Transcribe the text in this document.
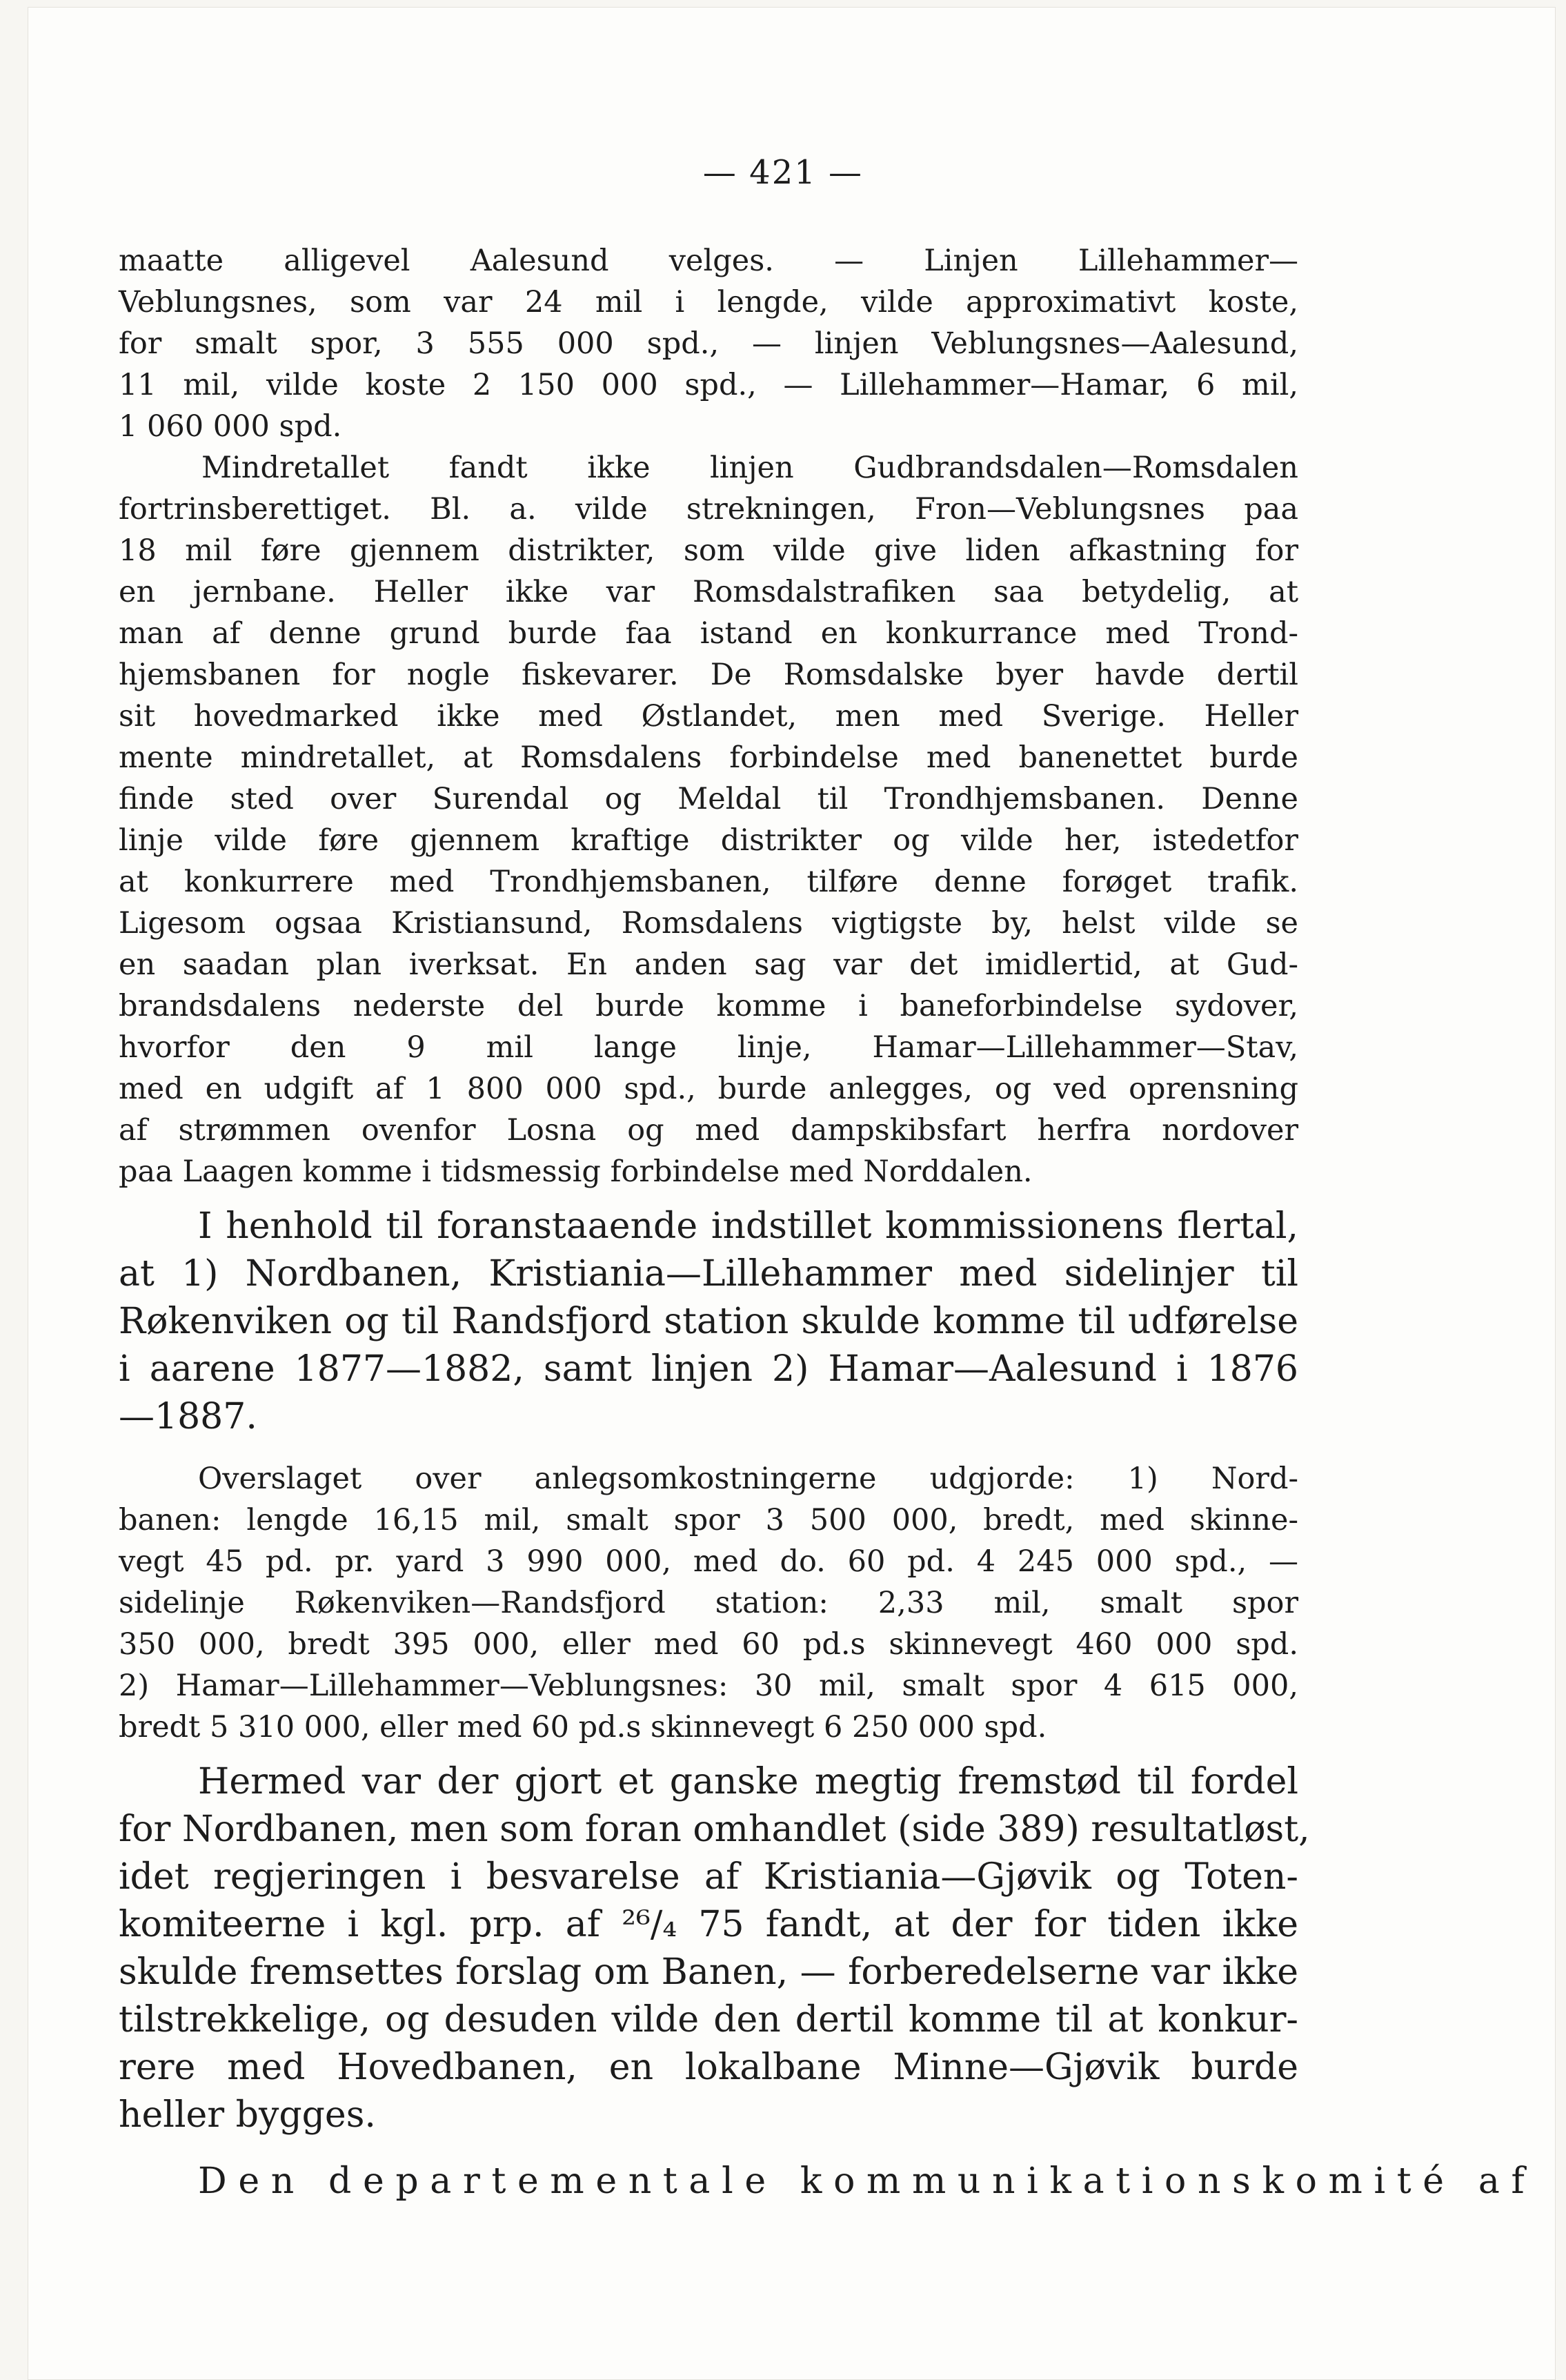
— 421 —
maatte alligevel Aalesund velges. — Linjen Lillehammer—
Veblungsnes, som var 24 mil i lengde, vilde approximativt koste,
for smalt spor, 3 555 000 spd., — linjen Veblungsnes—Aalesund,
11 mil, vilde koste 2 150 000 spd., — Lillehammer—Hamar, 6 mil,
1 060 000 spd.
Mindretallet fandt ikke linjen Gudbrandsdalen—Romsdalen
fortrinsberettiget. Bl. a. vilde strekningen, Fron—Veblungsnes paa
18 mil føre gjennem distrikter, som vilde give liden afkastning for
en jernbane. Heller ikke var Romsdalstrafiken saa betydelig, at
man af denne grund burde faa istand en konkurrance med Trond-
hjemsbanen for nogle fiskevarer. De Romsdalske byer havde dertil
sit hovedmarked ikke med Østlandet, men med Sverige. Heller
mente mindretallet, at Romsdalens forbindelse med banenettet burde
finde sted over Surendal og Meldal til Trondhjemsbanen. Denne
linje vilde føre gjennem kraftige distrikter og vilde her, istedetfor
at konkurrere med Trondhjemsbanen, tilføre denne forøget trafik.
Ligesom ogsaa Kristiansund, Romsdalens vigtigste by, helst vilde se
en saadan plan iverksat. En anden sag var det imidlertid, at Gud-
brandsdalens nederste del burde komme i baneforbindelse sydover,
hvorfor den 9 mil lange linje, Hamar—Lillehammer—Stav,
med en udgift af 1 800 000 spd., burde anlegges, og ved oprensning
af strømmen ovenfor Losna og med dampskibsfart herfra nordover
paa Laagen komme i tidsmessig forbindelse med Norddalen.
I henhold til foranstaaende indstillet kommissionens flertal,
at 1) Nordbanen, Kristiania—Lillehammer med sidelinjer til
Røkenviken og til Randsfjord station skulde komme til udførelse
i aarene 1877—1882, samt linjen 2) Hamar—Aalesund i 1876
—1887.
Overslaget over anlegsomkostningerne udgjorde: 1) Nord-
banen: lengde 16,15 mil, smalt spor 3 500 000, bredt, med skinne-
vegt 45 pd. pr. yard 3 990 000, med do. 60 pd. 4 245 000 spd., —
sidelinje Røkenviken—Randsfjord station: 2,33 mil, smalt spor
350 000, bredt 395 000, eller med 60 pd.s skinnevegt 460 000 spd.
2) Hamar—Lillehammer—Veblungsnes: 30 mil, smalt spor 4 615 000,
bredt 5 310 000, eller med 60 pd.s skinnevegt 6 250 000 spd.
Hermed var der gjort et ganske megtig fremstød til fordel
for Nordbanen, men som foran omhandlet (side 389) resultatløst,
idet regjeringen i besvarelse af Kristiania—Gjøvik og Toten-
komiteerne i kgl. prp. af ²⁶/₄ 75 fandt, at der for tiden ikke
skulde fremsettes forslag om Banen, — forberedelserne var ikke
tilstrekkelige, og desuden vilde den dertil komme til at konkur-
rere med Hovedbanen, en lokalbane Minne—Gjøvik burde
heller bygges.
Den departementale kommunikationskomité af
